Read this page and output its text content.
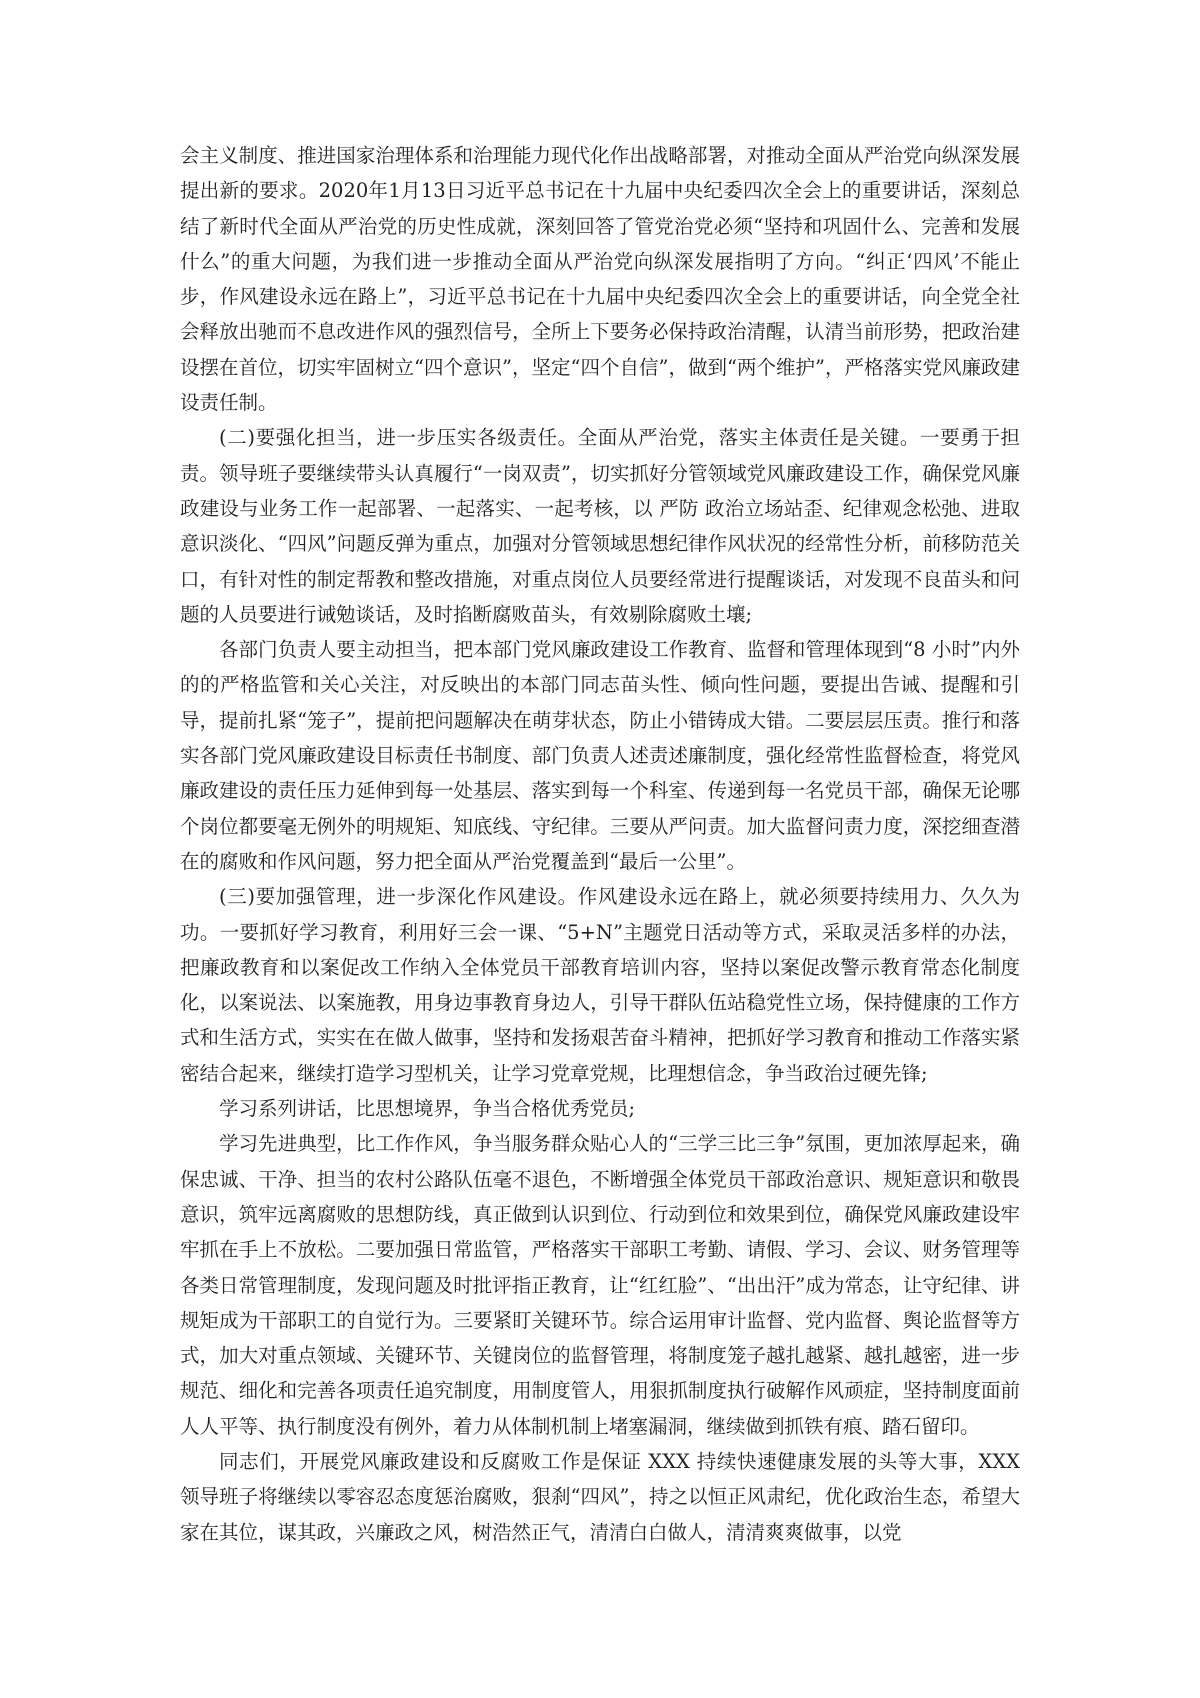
会主义制度、推进国家治理体系和治理能力现代化作出战略部署，对推动全面从严治党向纵深发展提出新的要求。2020年1月13日习近平总书记在十九届中央纪委四次全会上的重要讲话，深刻总结了新时代全面从严治党的历史性成就，深刻回答了管党治党必须“坚持和巩固什么、完善和发展什么”的重大问题，为我们进一步推动全面从严治党向纵深发展指明了方向。“纠正‘四风’不能止步，作风建设永远在路上”，习近平总书记在十九届中央纪委四次全会上的重要讲话，向全党全社会释放出驰而不息改进作风的强烈信号，全所上下要务必保持政治清醒，认清当前形势，把政治建设摆在首位，切实牢固树立“四个意识”，坚定“四个自信”，做到“两个维护”，严格落实党风廉政建设责任制。

(二)要强化担当，进一步压实各级责任。全面从严治党，落实主体责任是关键。一要勇于担责。领导班子要继续带头认真履行“一岗双责”，切实抓好分管领域党风廉政建设工作，确保党风廉政建设与业务工作一起部署、一起落实、一起考核，以 严防 政治立场站歪、纪律观念松弛、进取意识淡化、“四风”问题反弹为重点，加强对分管领域思想纪律作风状况的经常性分析，前移防范关口，有针对性的制定帮教和整改措施，对重点岗位人员要经常进行提醒谈话，对发现不良苗头和问题的人员要进行诫勉谈话，及时掐断腐败苗头，有效剔除腐败土壤;

各部门负责人要主动担当，把本部门党风廉政建设工作教育、监督和管理体现到“8 小时”内外的的严格监管和关心关注，对反映出的本部门同志苗头性、倾向性问题，要提出告诫、提醒和引导，提前扎紧“笼子”，提前把问题解决在萌芽状态，防止小错铸成大错。二要层层压责。推行和落实各部门党风廉政建设目标责任书制度、部门负责人述责述廉制度，强化经常性监督检查，将党风廉政建设的责任压力延伸到每一处基层、落实到每一个科室、传递到每一名党员干部，确保无论哪个岗位都要毫无例外的明规矩、知底线、守纪律。三要从严问责。加大监督问责力度，深挖细查潜在的腐败和作风问题，努力把全面从严治党覆盖到“最后一公里”。

(三)要加强管理，进一步深化作风建设。作风建设永远在路上，就必须要持续用力、久久为功。一要抓好学习教育，利用好三会一课、“5+N”主题党日活动等方式，采取灵活多样的办法，把廉政教育和以案促改工作纳入全体党员干部教育培训内容，坚持以案促改警示教育常态化制度化，以案说法、以案施教，用身边事教育身边人，引导干群队伍站稳党性立场，保持健康的工作方式和生活方式，实实在在做人做事，坚持和发扬艰苦奋斗精神，把抓好学习教育和推动工作落实紧密结合起来，继续打造学习型机关，让学习党章党规，比理想信念，争当政治过硬先锋;

学习系列讲话，比思想境界，争当合格优秀党员;

学习先进典型，比工作作风，争当服务群众贴心人的“三学三比三争”氛围，更加浓厚起来，确保忠诚、干净、担当的农村公路队伍毫不退色，不断增强全体党员干部政治意识、规矩意识和敬畏意识，筑牢远离腐败的思想防线，真正做到认识到位、行动到位和效果到位，确保党风廉政建设牢牢抓在手上不放松。二要加强日常监管，严格落实干部职工考勤、请假、学习、会议、财务管理等各类日常管理制度，发现问题及时批评指正教育，让“红红脸”、“出出汗”成为常态，让守纪律、讲规矩成为干部职工的自觉行为。三要紧盯关键环节。综合运用审计监督、党内监督、舆论监督等方式，加大对重点领域、关键环节、关键岗位的监督管理，将制度笼子越扎越紧、越扎越密，进一步规范、细化和完善各项责任追究制度，用制度管人，用狠抓制度执行破解作风顽症，坚持制度面前人人平等、执行制度没有例外，着力从体制机制上堵塞漏洞，继续做到抓铁有痕、踏石留印。

同志们，开展党风廉政建设和反腐败工作是保证 XXX 持续快速健康发展的头等大事，XXX 领导班子将继续以零容忍态度惩治腐败，狠刹“四风”，持之以恒正风肃纪，优化政治生态，希望大家在其位，谋其政，兴廉政之风，树浩然正气，清清白白做人，清清爽爽做事，以党
